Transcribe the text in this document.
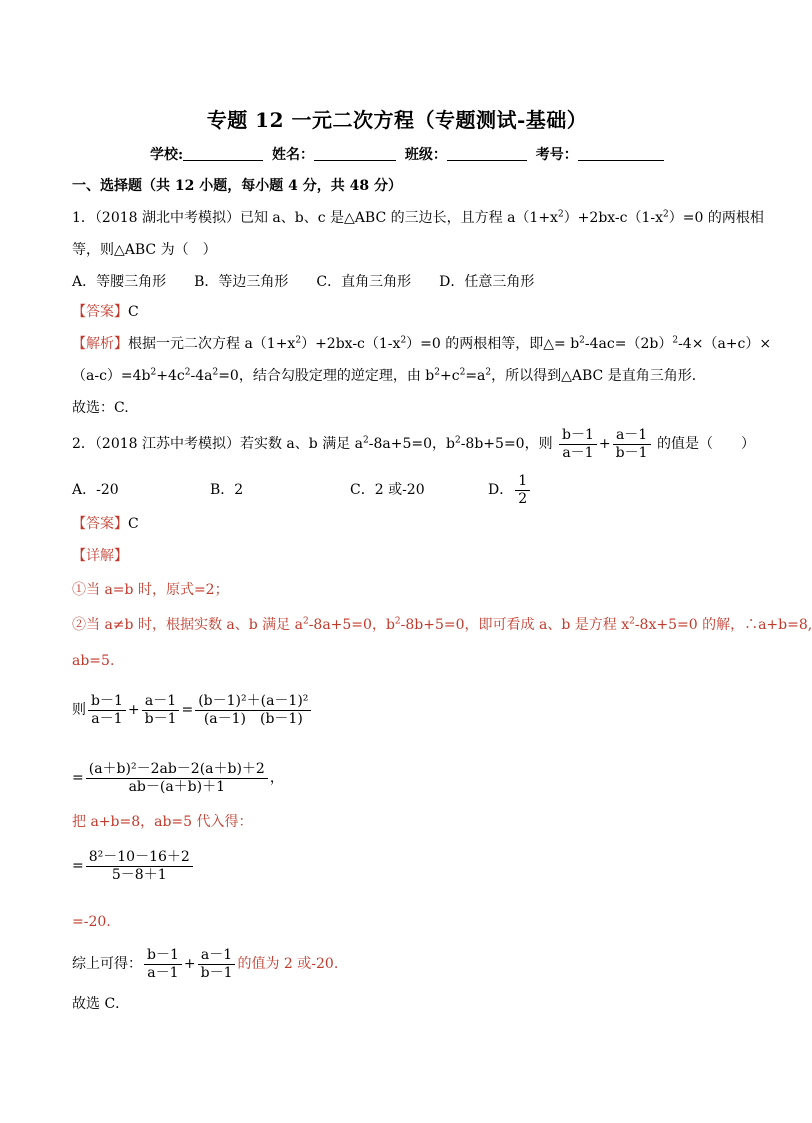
专题 12 一元二次方程（专题测试-基础）
学校:	姓名：	班级：	考号：
一、选择题（共 12 小题，每小题 4 分，共 48 分）
1．（2018 湖北中考模拟）已知 a、b、c 是△ABC 的三边长，且方程 $a(1+x^2)+2bx-c(1-x^2)=0$ 的两根相
等，则△ABC 为（　）
A．等腰三角形　　B．等边三角形　　C．直角三角形　　D．任意三角形
【答案】C
【解析】根据一元二次方程 $a(1+x^2)+2bx-c(1-x^2)=0$ 的两根相等，即△= $b^2-4ac=(2b)^2-4\times(a+c)\times$
$(a-c)=4b^2+4c^2-4a^2=0$，结合勾股定理的逆定理，由 $b^2+c^2=a^2$，所以得到△ABC 是直角三角形．
故选：C.
2．（2018 江苏中考模拟）若实数 a、b 满足 $a^2-8a+5=0$，$b^2-8b+5=0$，则 $\frac{b-1}{a-1} + \frac{a-1}{b-1}$ 的值是（　　）
A．-20	B．2	C．2 或-20	D． $\frac{1}{2}$
【答案】C
【详解】
①当 a=b 时，原式=2；
②当 a≠b 时，根据实数 a、b 满足 $a^2-8a+5=0$，$b^2-8b+5=0$，即可看成 a、b 是方程 $x^2-8x+5=0$ 的解，∴a+b=8,
ab=5.
则 $\frac{b-1}{a-1} + \frac{a-1}{b-1} = \frac{\text{(b－1)²＋(a－1)²}}{(a-1) (b-1)}$
= $\frac{\text{(a＋b)²－2ab－2(a＋b)＋2}}{ab-(a+b)+1}$ ，
把 a+b=8，ab=5 代入得：
= $\frac{\text{8²－10－16＋2}}{5-8+1}$
=-20.
综上可得： $\frac{b-1}{a-1} + \frac{a-1}{b-1}$ 的值为 2 或-20.
故选 C．
